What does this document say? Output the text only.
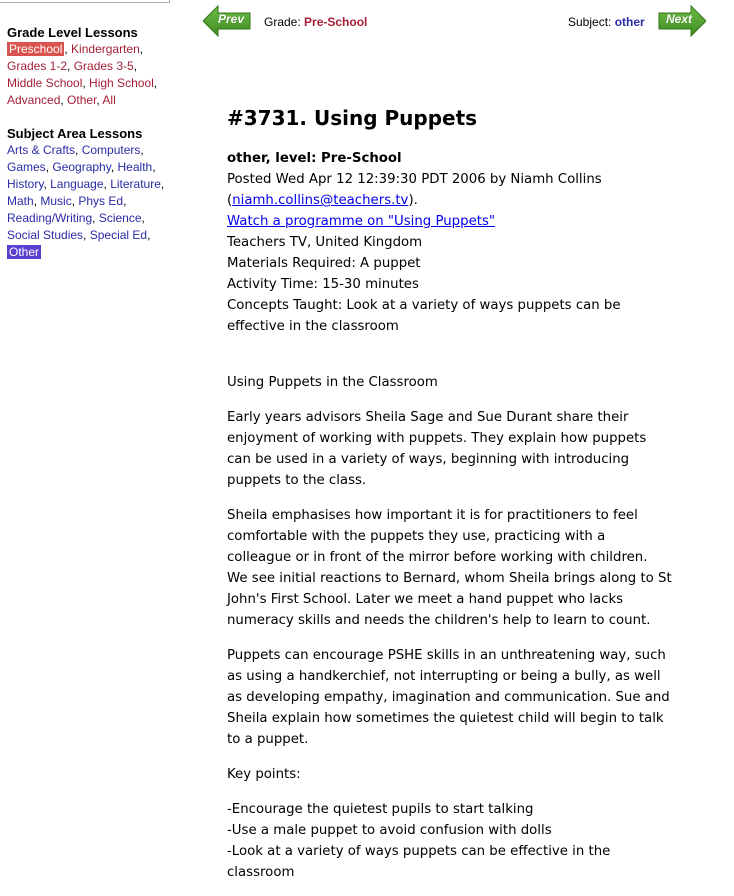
Grade Level Lessons
Preschool , Kindergarten,
Grades 1-2, Grades 3-5,
Middle School, High School,
Advanced, Other, All
Subject Area Lessons
Arts & Crafts, Computers,
Games, Geography, Health,
History, Language, Literature,
Math, Music, Phys Ed,
Reading/Writing, Science,
Social Studies, Special Ed,
Other
Prev Grade: Pre-School	Subject: other Next
#3731. Using Puppets
other, level: Pre-School
Posted Wed Apr 12 12:39:30 PDT 2006 by Niamh Collins
(niamh.collins@teachers.tv).
Watch a programme on "Using Puppets"
Teachers TV, United Kingdom
Materials Required: A puppet
Activity Time: 15-30 minutes
Concepts Taught: Look at a variety of ways puppets can be effective in the classroom

Using Puppets in the Classroom

Early years advisors Sheila Sage and Sue Durant share their enjoyment of working with puppets. They explain how puppets can be used in a variety of ways, beginning with introducing puppets to the class.

Sheila emphasises how important it is for practitioners to feel comfortable with the puppets they use, practicing with a colleague or in front of the mirror before working with children. We see initial reactions to Bernard, whom Sheila brings along to St John's First School. Later we meet a hand puppet who lacks numeracy skills and needs the children's help to learn to count.

Puppets can encourage PSHE skills in an unthreatening way, such as using a handkerchief, not interrupting or being a bully, as well as developing empathy, imagination and communication. Sue and Sheila explain how sometimes the quietest child will begin to talk to a puppet.

Key points:

-Encourage the quietest pupils to start talking
-Use a male puppet to avoid confusion with dolls
-Look at a variety of ways puppets can be effective in the classroom
